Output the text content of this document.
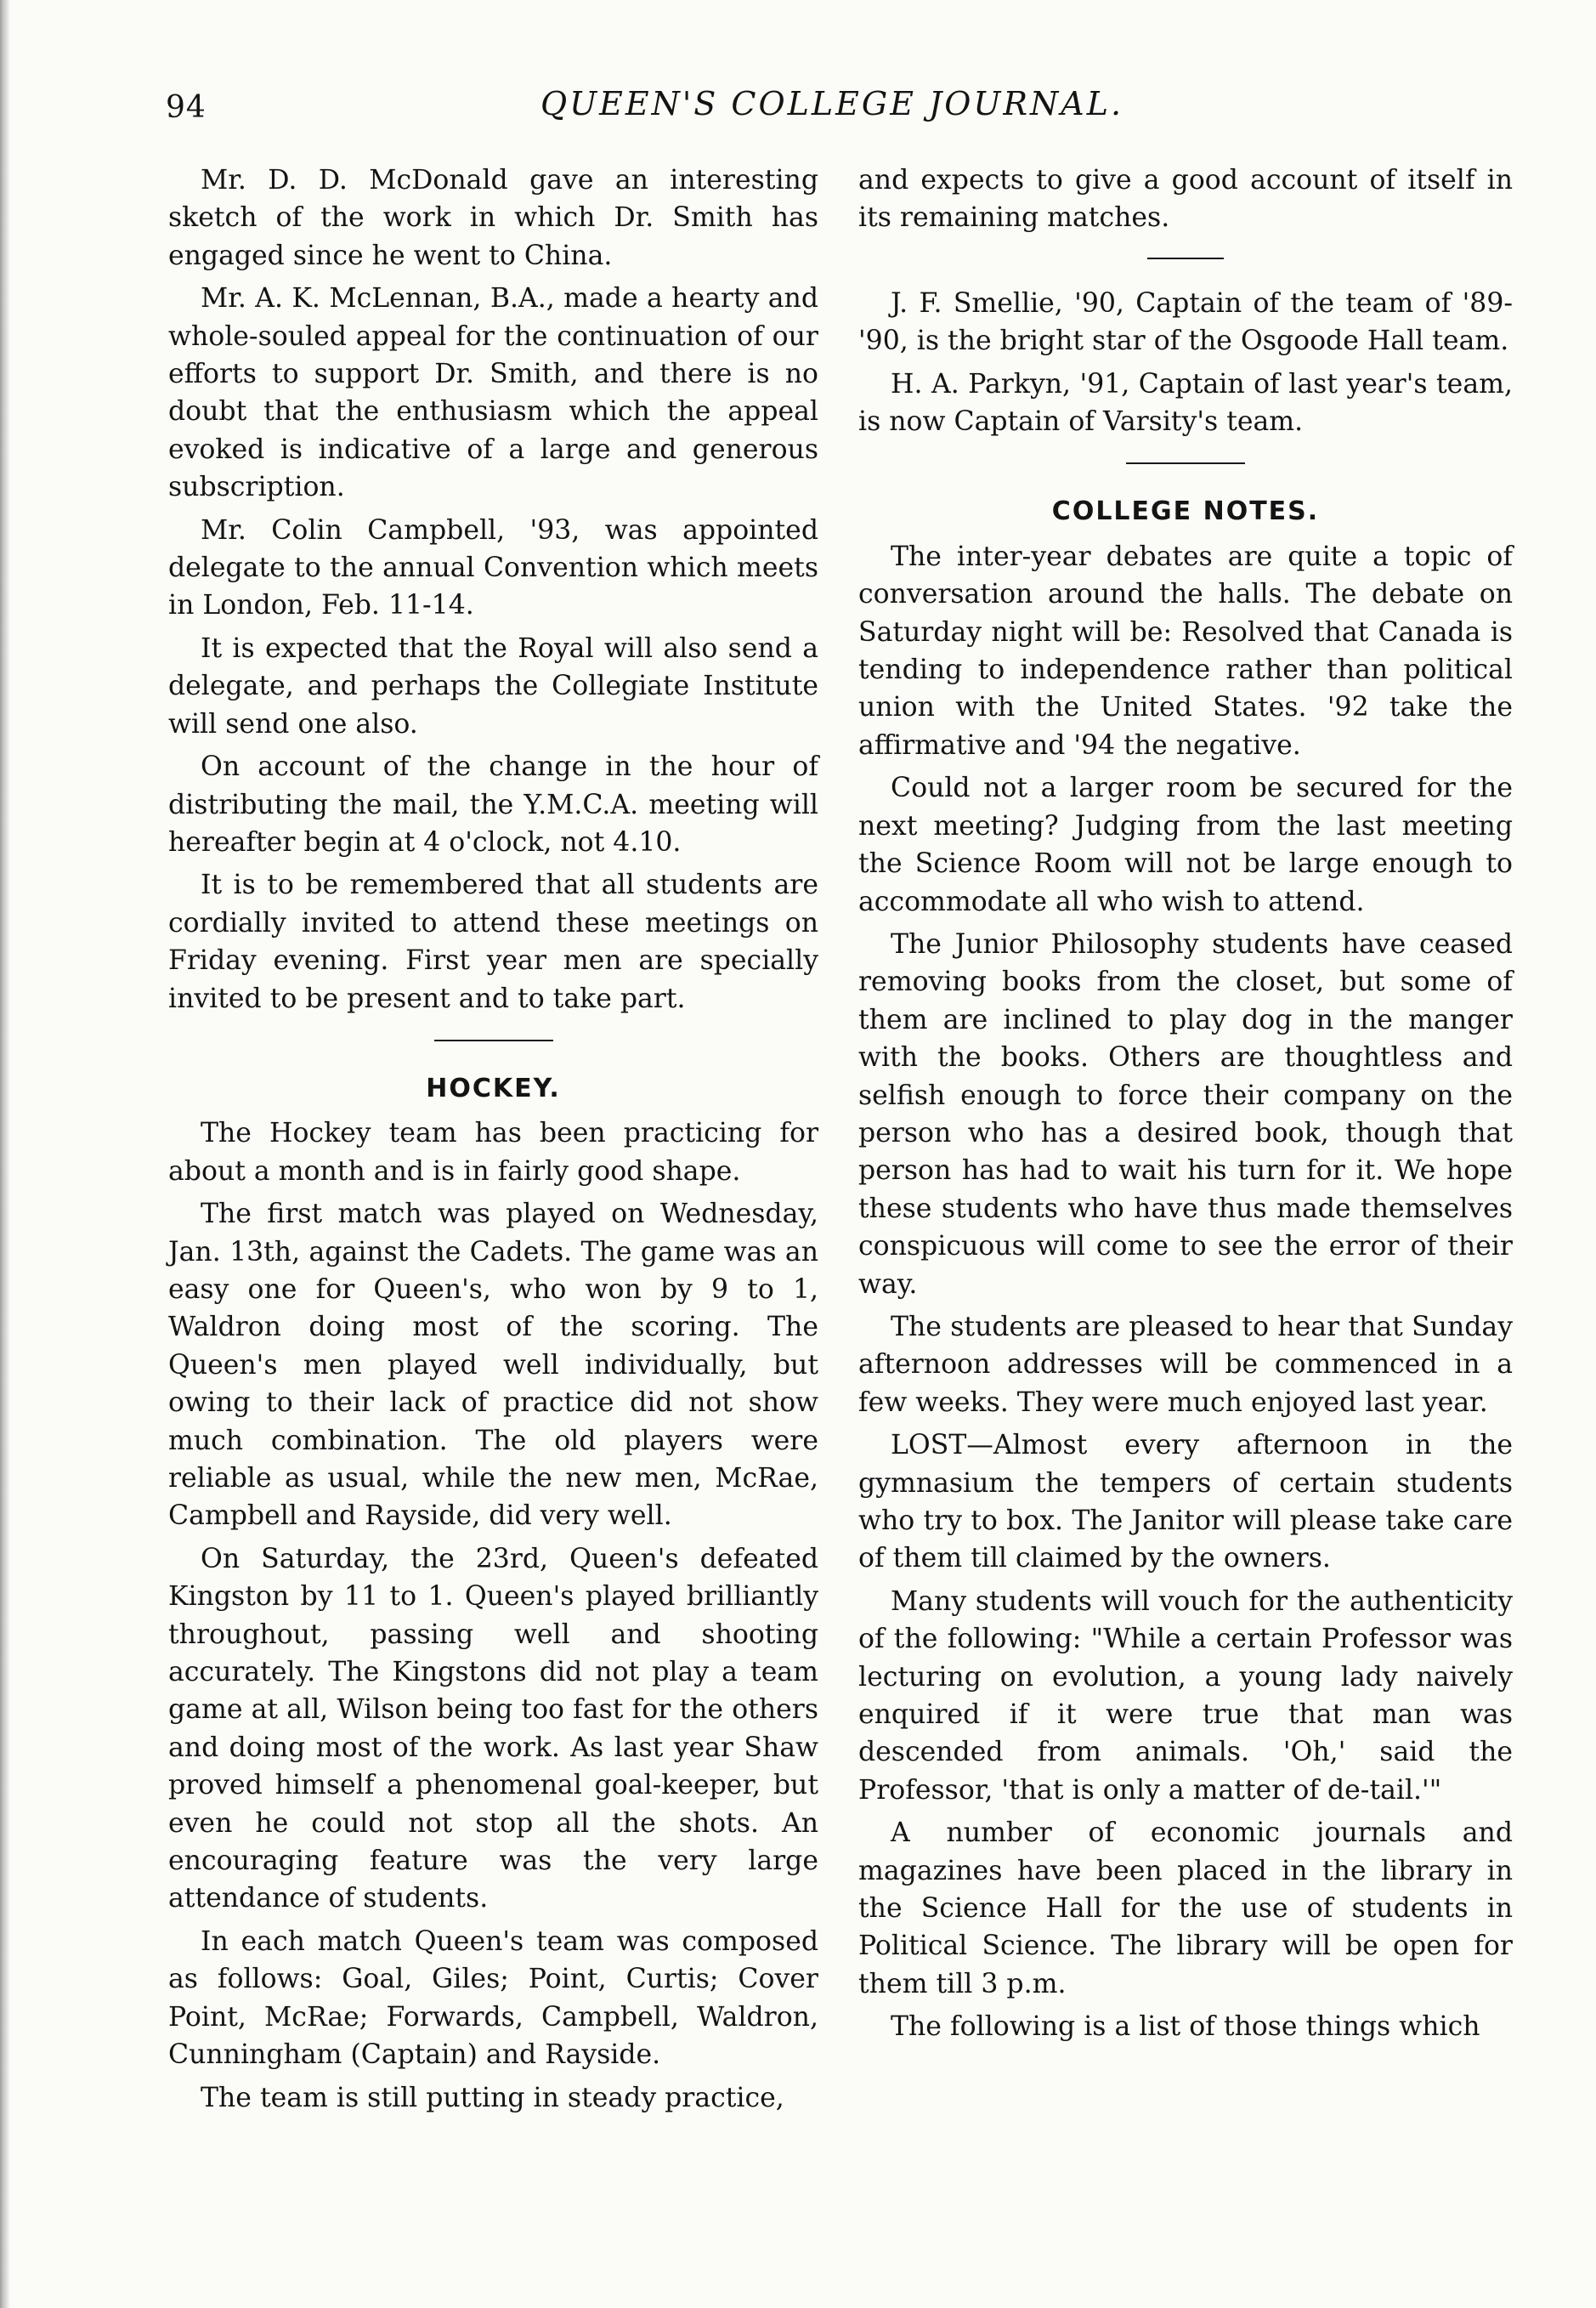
94	QUEEN'S COLLEGE JOURNAL.

Mr. D. D. McDonald gave an interesting sketch of the work in which Dr. Smith has engaged since he went to China.

Mr. A. K. McLennan, B.A., made a hearty and whole-souled appeal for the continuation of our efforts to support Dr. Smith, and there is no doubt that the enthusiasm which the appeal evoked is indicative of a large and generous subscription.

Mr. Colin Campbell, '93, was appointed delegate to the annual Convention which meets in London, Feb. 11-14.

It is expected that the Royal will also send a delegate, and perhaps the Collegiate Institute will send one also.

On account of the change in the hour of distributing the mail, the Y.M.C.A. meeting will hereafter begin at 4 o'clock, not 4.10.

It is to be remembered that all students are cordially invited to attend these meetings on Friday evening. First year men are specially invited to be present and to take part.

HOCKEY.

The Hockey team has been practicing for about a month and is in fairly good shape.

The first match was played on Wednesday, Jan. 13th, against the Cadets. The game was an easy one for Queen's, who won by 9 to 1, Waldron doing most of the scoring. The Queen's men played well individually, but owing to their lack of practice did not show much combination. The old players were reliable as usual, while the new men, McRae, Campbell and Rayside, did very well.

On Saturday, the 23rd, Queen's defeated Kingston by 11 to 1. Queen's played brilliantly throughout, passing well and shooting accurately. The Kingstons did not play a team game at all, Wilson being too fast for the others and doing most of the work. As last year Shaw proved himself a phenomenal goal-keeper, but even he could not stop all the shots. An encouraging feature was the very large attendance of students.

In each match Queen's team was composed as follows: Goal, Giles; Point, Curtis; Cover Point, McRae; Forwards, Campbell, Waldron, Cunningham (Captain) and Rayside.

The team is still putting in steady practice,

and expects to give a good account of itself in its remaining matches.

J. F. Smellie, '90, Captain of the team of '89-'90, is the bright star of the Osgoode Hall team.

H. A. Parkyn, '91, Captain of last year's team, is now Captain of Varsity's team.

COLLEGE NOTES.

The inter-year debates are quite a topic of conversation around the halls. The debate on Saturday night will be: Resolved that Canada is tending to independence rather than political union with the United States. '92 take the affirmative and '94 the negative.

Could not a larger room be secured for the next meeting? Judging from the last meeting the Science Room will not be large enough to accommodate all who wish to attend.

The Junior Philosophy students have ceased removing books from the closet, but some of them are inclined to play dog in the manger with the books. Others are thoughtless and selfish enough to force their company on the person who has a desired book, though that person has had to wait his turn for it. We hope these students who have thus made themselves conspicuous will come to see the error of their way.

The students are pleased to hear that Sunday afternoon addresses will be commenced in a few weeks. They were much enjoyed last year.

LOST—Almost every afternoon in the gymnasium the tempers of certain students who try to box. The Janitor will please take care of them till claimed by the owners.

Many students will vouch for the authenticity of the following: "While a certain Professor was lecturing on evolution, a young lady naively enquired if it were true that man was descended from animals. 'Oh,' said the Professor, 'that is only a matter of de-tail.'"

A number of economic journals and magazines have been placed in the library in the Science Hall for the use of students in Political Science. The library will be open for them till 3 p.m.

The following is a list of those things which
